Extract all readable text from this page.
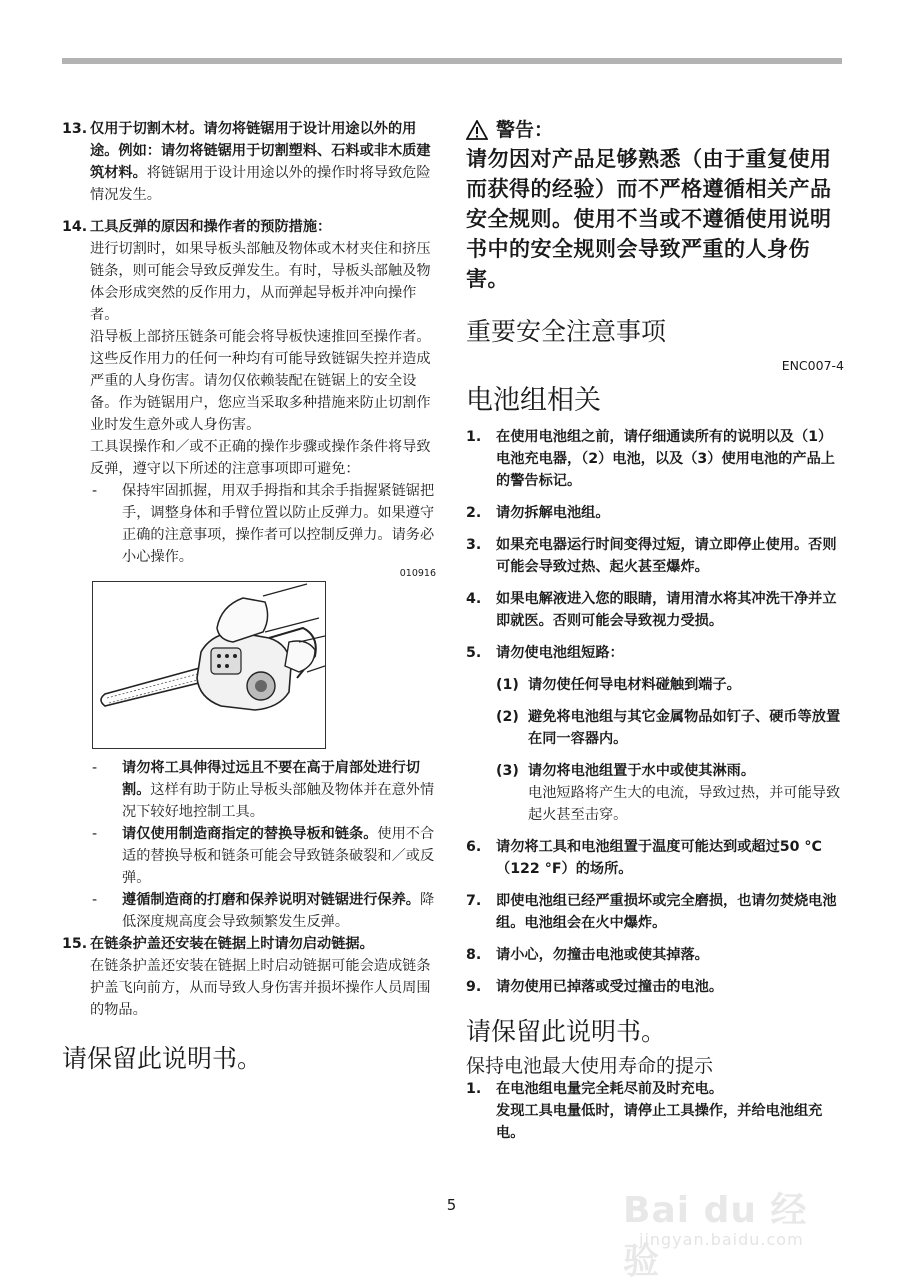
13. 仅用于切割木材。请勿将链锯用于设计用途以外的用途。例如：请勿将链锯用于切割塑料、石料或非木质建筑材料。将链锯用于设计用途以外的操作时将导致危险情况发生。

14. 工具反弹的原因和操作者的预防措施：

进行切割时，如果导板头部触及物体或木材夹住和挤压链条，则可能会导致反弹发生。有时，导板头部触及物体会形成突然的反作用力，从而弹起导板并冲向操作者。

沿导板上部挤压链条可能会将导板快速推回至操作者。

这些反作用力的任何一种均有可能导致链锯失控并造成严重的人身伤害。请勿仅依赖装配在链锯上的安全设备。作为链锯用户，您应当采取多种措施来防止切割作业时发生意外或人身伤害。

工具误操作和／或不正确的操作步骤或操作条件将导致反弹，遵守以下所述的注意事项即可避免：

- 保持牢固抓握，用双手拇指和其余手指握紧链锯把手，调整身体和手臂位置以防止反弹力。如果遵守正确的注意事项，操作者可以控制反弹力。请务必小心操作。

010916
- 请勿将工具伸得过远且不要在高于肩部处进行切割。这样有助于防止导板头部触及物体并在意外情况下较好地控制工具。

- 请仅使用制造商指定的替换导板和链条。使用不合适的替换导板和链条可能会导致链条破裂和／或反弹。

- 遵循制造商的打磨和保养说明对链锯进行保养。降低深度规高度会导致频繁发生反弹。

15. 在链条护盖还安装在链据上时请勿启动链据。

在链条护盖还安装在链据上时启动链据可能会造成链条护盖飞向前方，从而导致人身伤害并损坏操作人员周围的物品。

请保留此说明书。
警告：
请勿因对产品足够熟悉（由于重复使用而获得的经验）而不严格遵循相关产品安全规则。使用不当或不遵循使用说明书中的安全规则会导致严重的人身伤害。
重要安全注意事项
ENC007-4
电池组相关
1. 在使用电池组之前，请仔细通读所有的说明以及（1）电池充电器，（2）电池，以及（3）使用电池的产品上的警告标记。

2. 请勿拆解电池组。

3. 如果充电器运行时间变得过短，请立即停止使用。否则可能会导致过热、起火甚至爆炸。

4. 如果电解液进入您的眼睛，请用清水将其冲洗干净并立即就医。否则可能会导致视力受损。

5. 请勿使电池组短路：

(1) 请勿使任何导电材料碰触到端子。

(2) 避免将电池组与其它金属物品如钉子、硬币等放置在同一容器内。

(3) 请勿将电池组置于水中或使其淋雨。

电池短路将产生大的电流，导致过热，并可能导致起火甚至击穿。

6. 请勿将工具和电池组置于温度可能达到或超过50 °C（122 °F）的场所。

7. 即使电池组已经严重损坏或完全磨损，也请勿焚烧电池组。电池组会在火中爆炸。

8. 请小心，勿撞击电池或使其掉落。

9. 请勿使用已掉落或受过撞击的电池。

请保留此说明书。
保持电池最大使用寿命的提示
1. 在电池组电量完全耗尽前及时充电。

发现工具电量低时，请停止工具操作，并给电池组充电。

5	Bai du 经验
jingyan.baidu.com
